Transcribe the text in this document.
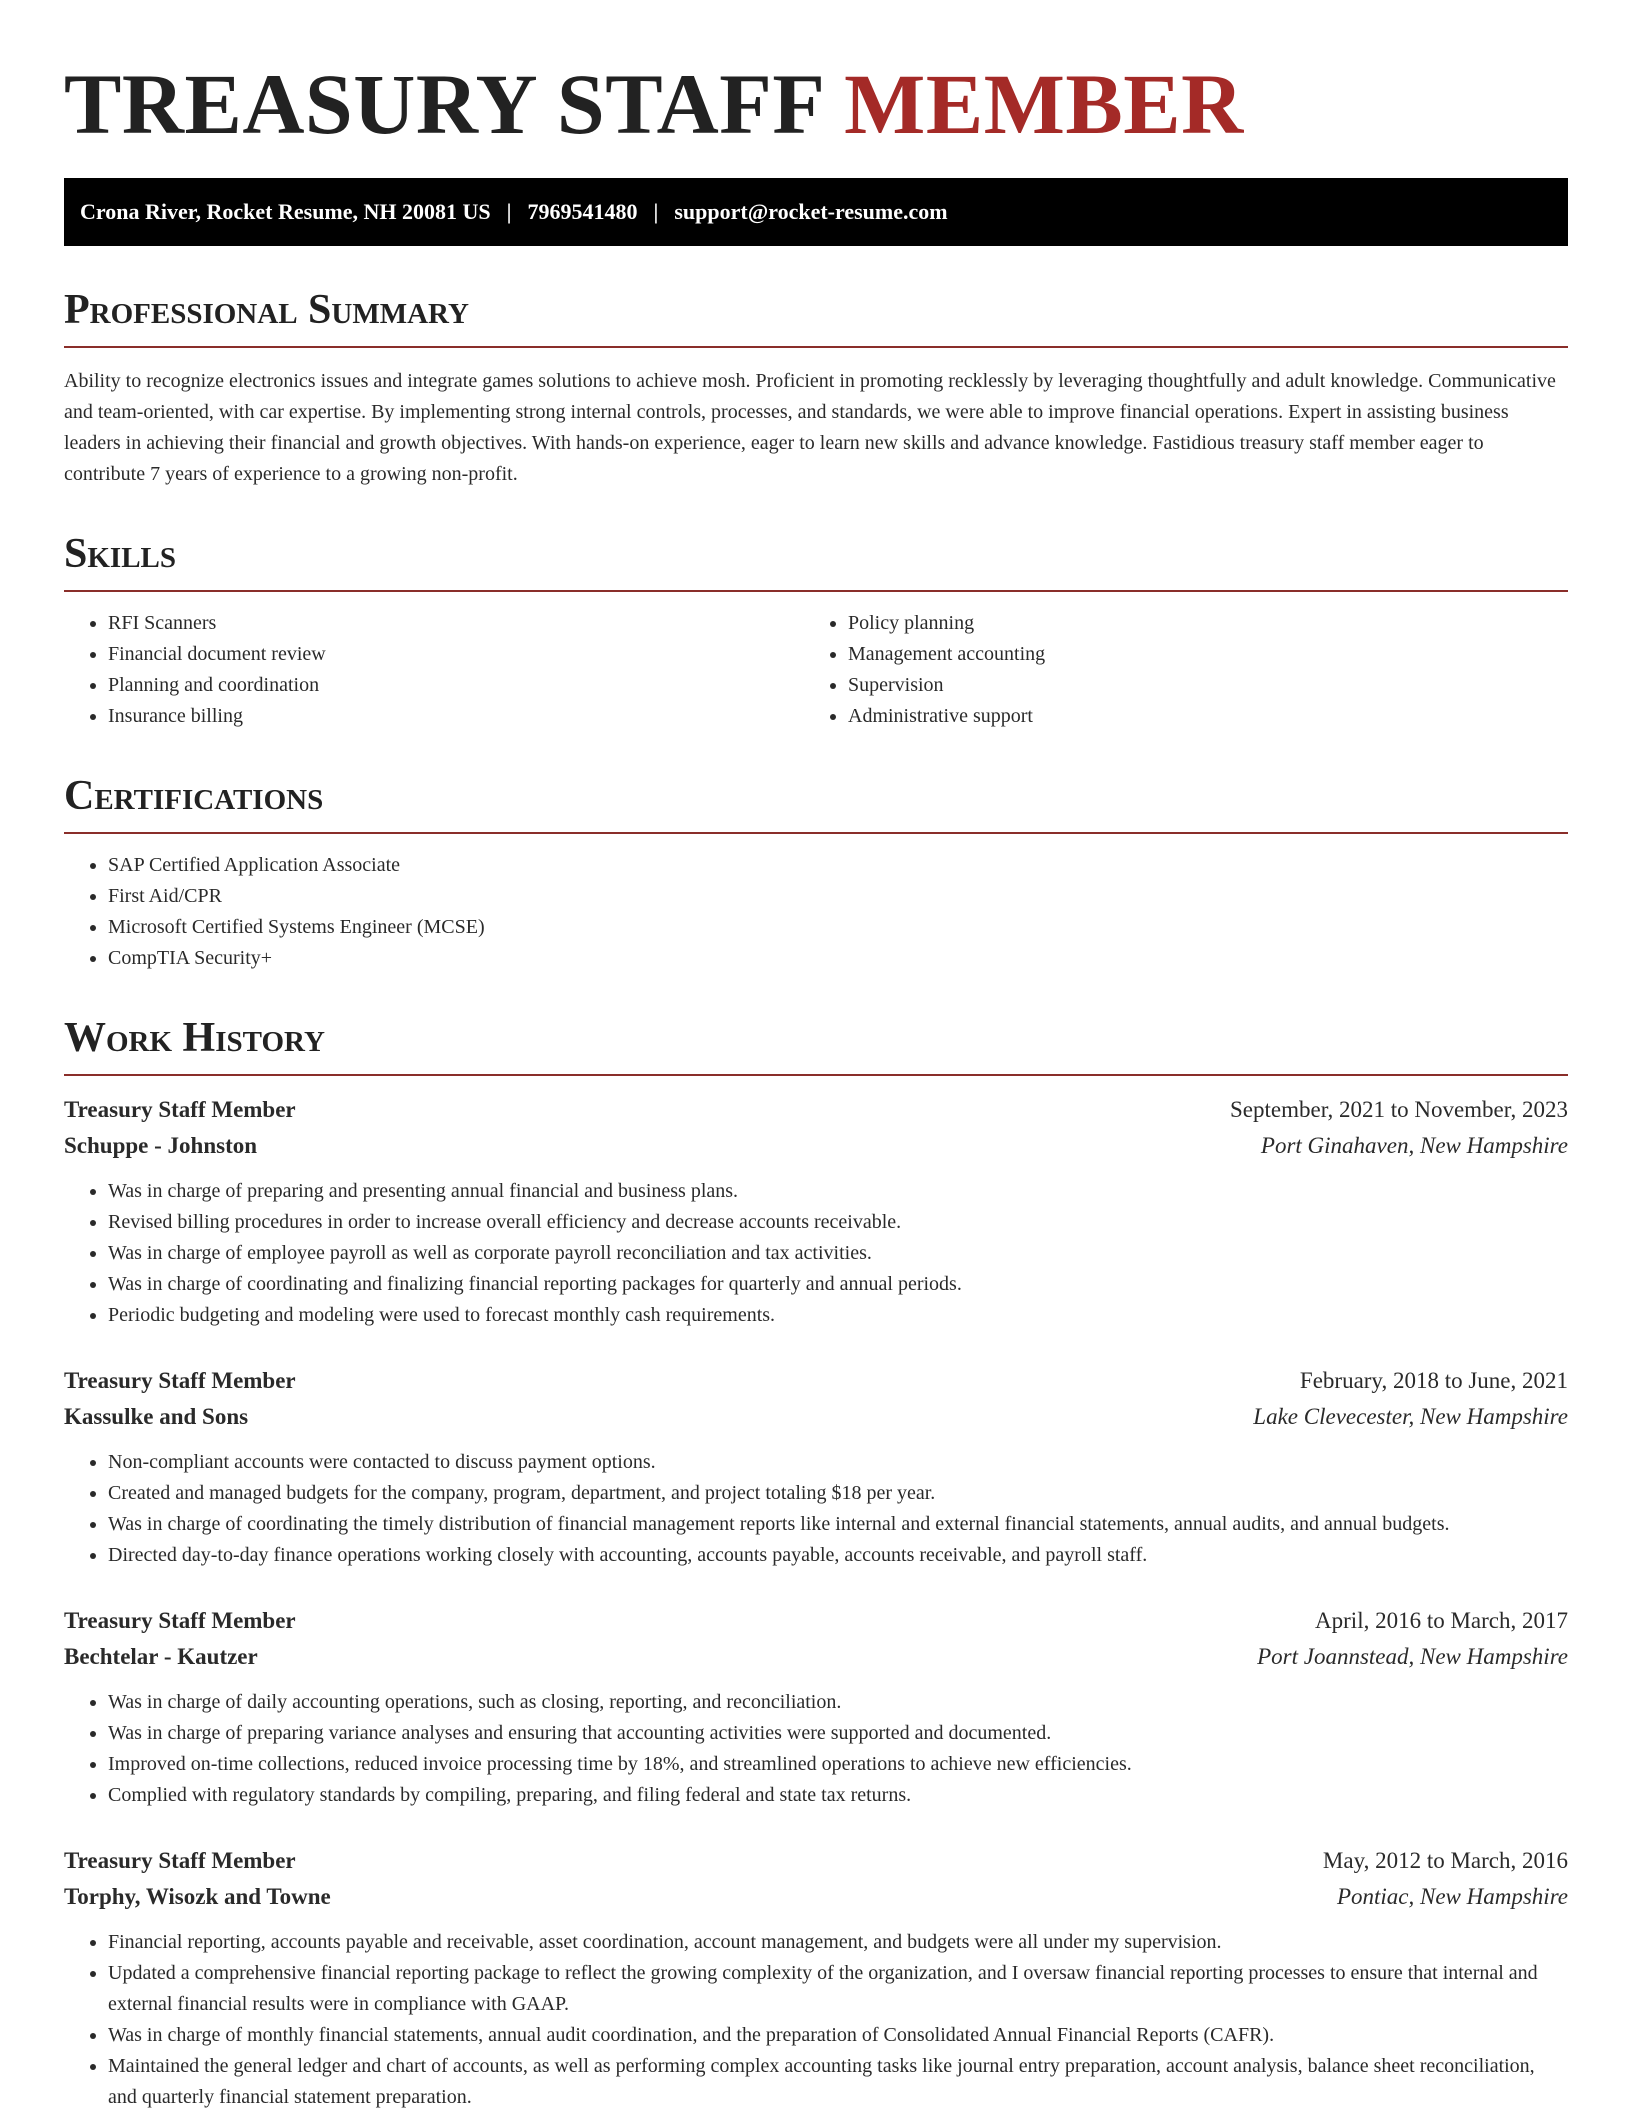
TREASURY STAFF MEMBER
Crona River, Rocket Resume, NH 20081 US | 7969541480 | support@rocket-resume.com
Professional Summary

Ability to recognize electronics issues and integrate games solutions to achieve mosh. Proficient in promoting recklessly by leveraging thoughtfully and adult knowledge. Communicative and team-oriented, with car expertise. By implementing strong internal controls, processes, and standards, we were able to improve financial operations. Expert in assisting business leaders in achieving their financial and growth objectives. With hands-on experience, eager to learn new skills and advance knowledge. Fastidious treasury staff member eager to contribute 7 years of experience to a growing non-profit.

Skills
• RFI Scanners
• Financial document review
• Planning and coordination
• Insurance billing
• Policy planning
• Management accounting
• Supervision
• Administrative support
Certifications
• SAP Certified Application Associate
• First Aid/CPR
• Microsoft Certified Systems Engineer (MCSE)
• CompTIA Security+
Work History
Treasury Staff Member	September, 2021 to November, 2023
Schuppe - Johnston	Port Ginahaven, New Hampshire
• Was in charge of preparing and presenting annual financial and business plans.
• Revised billing procedures in order to increase overall efficiency and decrease accounts receivable.
• Was in charge of employee payroll as well as corporate payroll reconciliation and tax activities.
• Was in charge of coordinating and finalizing financial reporting packages for quarterly and annual periods.
• Periodic budgeting and modeling were used to forecast monthly cash requirements.
Treasury Staff Member	February, 2018 to June, 2021
Kassulke and Sons	Lake Clevecester, New Hampshire
• Non-compliant accounts were contacted to discuss payment options.
• Created and managed budgets for the company, program, department, and project totaling $18 per year.
• Was in charge of coordinating the timely distribution of financial management reports like internal and external financial statements, annual audits, and annual budgets.
• Directed day-to-day finance operations working closely with accounting, accounts payable, accounts receivable, and payroll staff.
Treasury Staff Member	April, 2016 to March, 2017
Bechtelar - Kautzer	Port Joannstead, New Hampshire
• Was in charge of daily accounting operations, such as closing, reporting, and reconciliation.
• Was in charge of preparing variance analyses and ensuring that accounting activities were supported and documented.
• Improved on-time collections, reduced invoice processing time by 18%, and streamlined operations to achieve new efficiencies.
• Complied with regulatory standards by compiling, preparing, and filing federal and state tax returns.
Treasury Staff Member	May, 2012 to March, 2016
Torphy, Wisozk and Towne	Pontiac, New Hampshire
• Financial reporting, accounts payable and receivable, asset coordination, account management, and budgets were all under my supervision.
• Updated a comprehensive financial reporting package to reflect the growing complexity of the organization, and I oversaw financial reporting processes to ensure that internal and external financial results were in compliance with GAAP.
• Was in charge of monthly financial statements, annual audit coordination, and the preparation of Consolidated Annual Financial Reports (CAFR).
• Maintained the general ledger and chart of accounts, as well as performing complex accounting tasks like journal entry preparation, account analysis, balance sheet reconciliation, and quarterly financial statement preparation.
